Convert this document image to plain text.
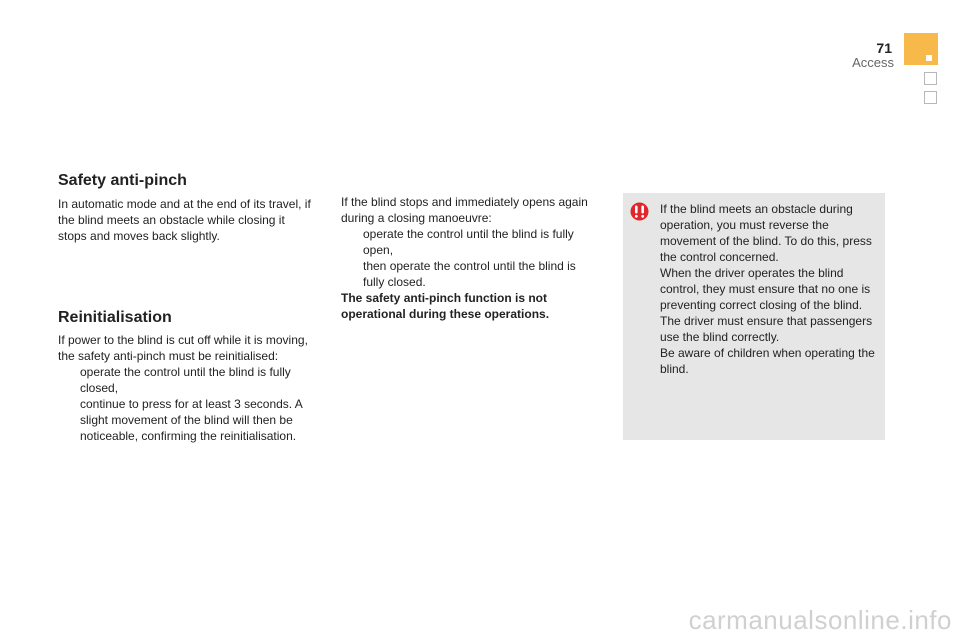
71
Access
Safety anti-pinch

In automatic mode and at the end of its travel, if the blind meets an obstacle while closing it stops and moves back slightly.

Reinitialisation

If power to the blind is cut off while it is moving, the safety anti-pinch must be reinitialised:

operate the control until the blind is fully closed,
continue to press for at least 3 seconds. A slight movement of the blind will then be noticeable, confirming the reinitialisation.

If the blind stops and immediately opens again during a closing manoeuvre:

operate the control until the blind is fully open,
then operate the control until the blind is fully closed.

The safety anti-pinch function is not operational during these operations.

If the blind meets an obstacle during operation, you must reverse the movement of the blind. To do this, press the control concerned.

When the driver operates the blind control, they must ensure that no one is preventing correct closing of the blind.

The driver must ensure that passengers use the blind correctly.

Be aware of children when operating the blind.

carmanualsonline.info
